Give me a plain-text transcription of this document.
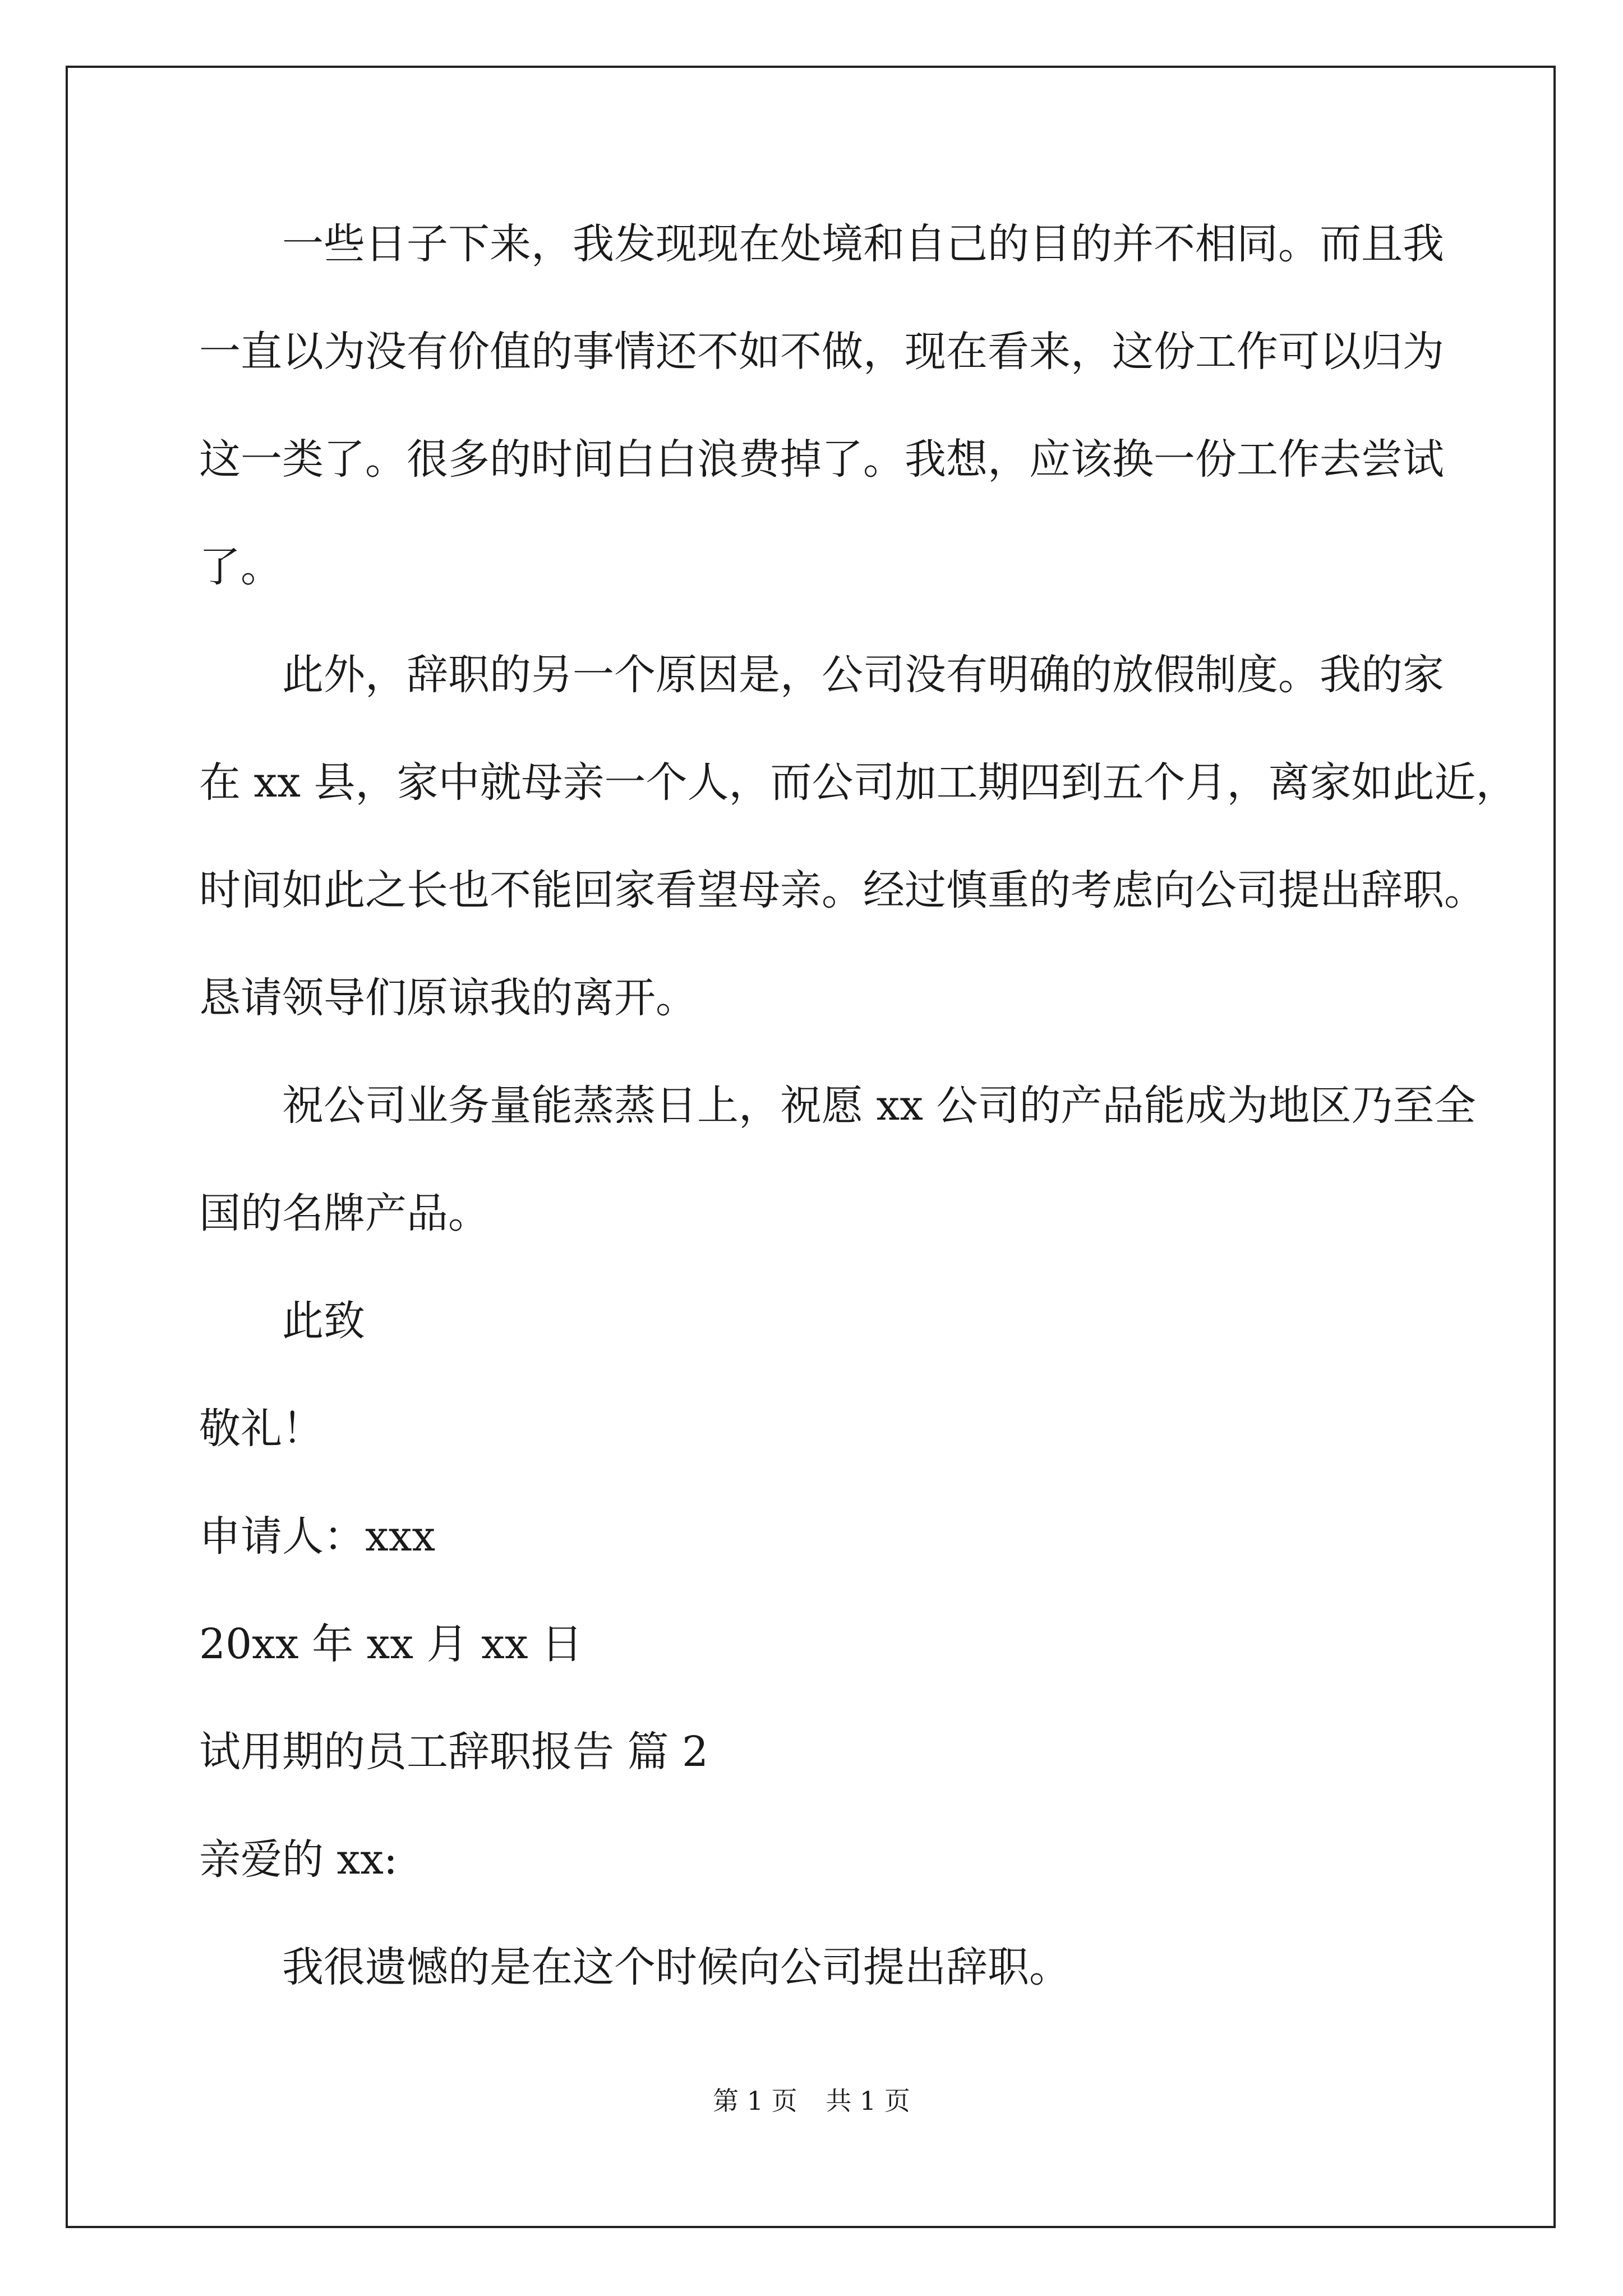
一些日子下来，我发现现在处境和自己的目的并不相同。而且我
一直以为没有价值的事情还不如不做，现在看来，这份工作可以归为
这一类了。很多的时间白白浪费掉了。我想，应该换一份工作去尝试
了。
此外，辞职的另一个原因是，公司没有明确的放假制度。我的家
在 xx 县，家中就母亲一个人，而公司加工期四到五个月，离家如此近，
时间如此之长也不能回家看望母亲。经过慎重的考虑向公司提出辞职。
恳请领导们原谅我的离开。
祝公司业务量能蒸蒸日上，祝愿 xx 公司的产品能成为地区乃至全
国的名牌产品。
此致
敬礼！
申请人：xxx
20xx 年 xx 月 xx 日
试用期的员工辞职报告 篇 2
亲爱的 xx:
我很遗憾的是在这个时候向公司提出辞职。
第 1 页 共 1 页
